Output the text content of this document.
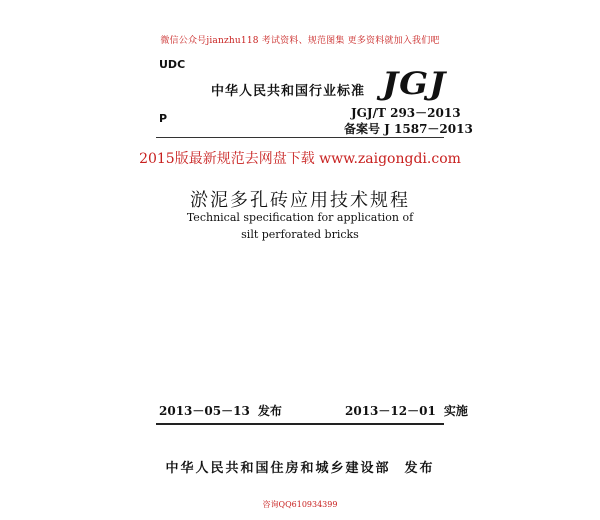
微信公众号jianzhu118 考试资料、规范图集 更多资料就加入我们吧
UDC
中华人民共和国行业标准 JGJ
P	JGJ/T 293－2013
备案号 J 1587－2013
2015版最新规范去网盘下载 www.zaigongdi.com
淤泥多孔砖应用技术规程
Technical specification for application of
silt perforated bricks
2013－05－13 发布	2013－12－01 实施
中华人民共和国住房和城乡建设部 发布
咨询QQ610934399
